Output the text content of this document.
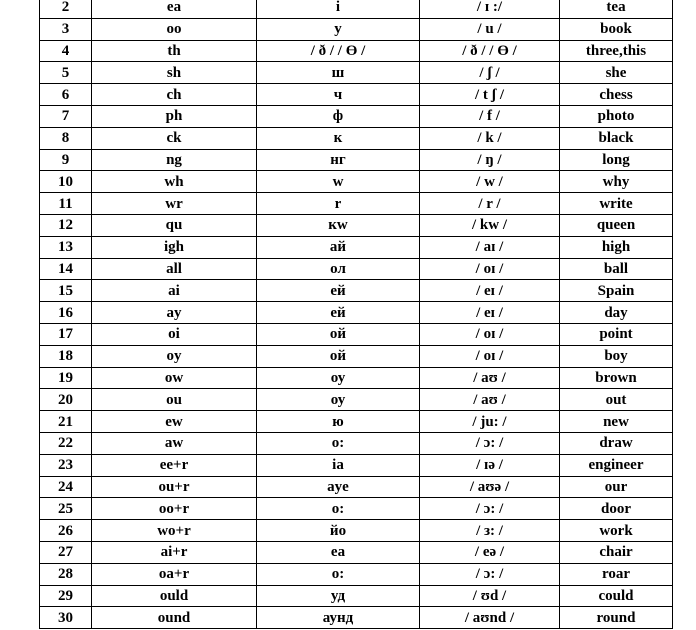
2	ea	i	/ ɪ :/	tea
3	oo	y	/ u /	book
4	th	/ ð / / ϴ /	/ ð / / ϴ /	three,this
5	sh	ш	/ ʃ /	she
6	ch	ч	/ t ʃ /	chess
7	ph	ф	/ f /	photo
8	ck	к	/ k /	black
9	ng	нг	/ ŋ /	long
10	wh	w	/ w /	why
11	wr	r	/ r /	write
12	qu	кw	/ kw /	queen
13	igh	ай	/ aɪ /	high
14	all	ол	/ oɪ /	ball
15	ai	ей	/ eɪ /	Spain
16	ay	ей	/ eɪ /	day
17	oi	ой	/ oɪ /	point
18	oy	ой	/ oɪ /	boy
19	ow	оу	/ aʊ /	brown
20	ou	оу	/ aʊ /	out
21	ew	ю	/ ju: /	new
22	aw	о:	/ ɔ: /	draw
23	ee+r	ia	/ ɪə /	engineer
24	ou+r	aye	/ aʊə /	our
25	oo+r	о:	/ ɔ: /	door
26	wo+r	йо	/ з: /	work
27	ai+r	ea	/ eə /	chair
28	oa+r	о:	/ ɔ: /	roar
29	ould	уд	/ ʊd /	could
30	ound	аунд	/ aʊnd /	round
